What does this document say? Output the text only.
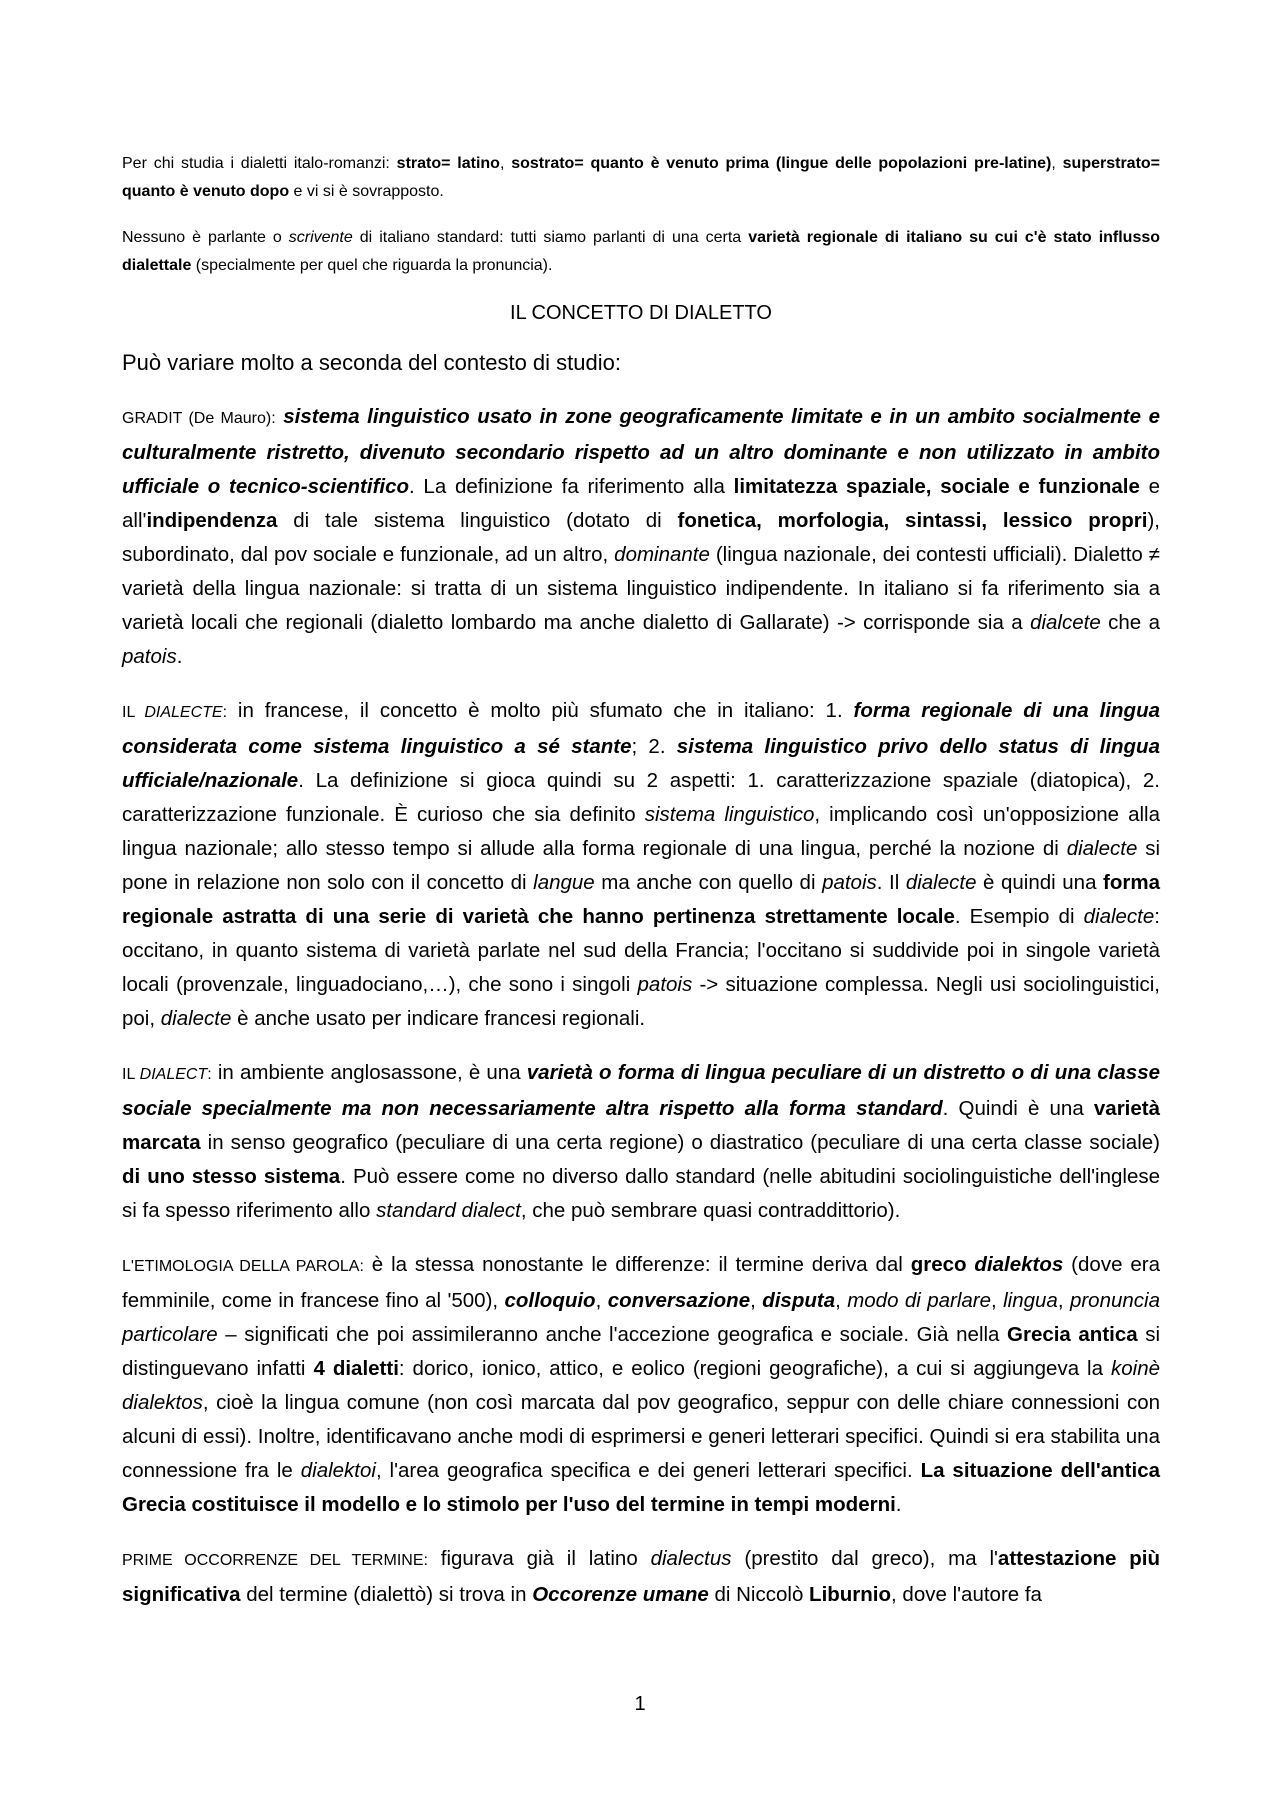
Per chi studia i dialetti italo-romanzi: strato= latino, sostrato= quanto è venuto prima (lingue delle popolazioni pre-latine), superstrato= quanto è venuto dopo e vi si è sovrapposto.

Nessuno è parlante o scrivente di italiano standard: tutti siamo parlanti di una certa varietà regionale di italiano su cui c'è stato influsso dialettale (specialmente per quel che riguarda la pronuncia).

IL CONCETTO DI DIALETTO

Può variare molto a seconda del contesto di studio:

GRADIT (De Mauro): sistema linguistico usato in zone geograficamente limitate e in un ambito socialmente e culturalmente ristretto, divenuto secondario rispetto ad un altro dominante e non utilizzato in ambito ufficiale o tecnico-scientifico. La definizione fa riferimento alla limitatezza spaziale, sociale e funzionale e all'indipendenza di tale sistema linguistico (dotato di fonetica, morfologia, sintassi, lessico propri), subordinato, dal pov sociale e funzionale, ad un altro, dominante (lingua nazionale, dei contesti ufficiali). Dialetto ≠ varietà della lingua nazionale: si tratta di un sistema linguistico indipendente. In italiano si fa riferimento sia a varietà locali che regionali (dialetto lombardo ma anche dialetto di Gallarate) -> corrisponde sia a dialcete che a patois.

IL DIALECTE: in francese, il concetto è molto più sfumato che in italiano: 1. forma regionale di una lingua considerata come sistema linguistico a sé stante; 2. sistema linguistico privo dello status di lingua ufficiale/nazionale. La definizione si gioca quindi su 2 aspetti: 1. caratterizzazione spaziale (diatopica), 2. caratterizzazione funzionale. È curioso che sia definito sistema linguistico, implicando così un'opposizione alla lingua nazionale; allo stesso tempo si allude alla forma regionale di una lingua, perché la nozione di dialecte si pone in relazione non solo con il concetto di langue ma anche con quello di patois. Il dialecte è quindi una forma regionale astratta di una serie di varietà che hanno pertinenza strettamente locale. Esempio di dialecte: occitano, in quanto sistema di varietà parlate nel sud della Francia; l'occitano si suddivide poi in singole varietà locali (provenzale, linguadociano,…), che sono i singoli patois -> situazione complessa. Negli usi sociolinguistici, poi, dialecte è anche usato per indicare francesi regionali.

IL DIALECT: in ambiente anglosassone, è una varietà o forma di lingua peculiare di un distretto o di una classe sociale specialmente ma non necessariamente altra rispetto alla forma standard. Quindi è una varietà marcata in senso geografico (peculiare di una certa regione) o diastratico (peculiare di una certa classe sociale) di uno stesso sistema. Può essere come no diverso dallo standard (nelle abitudini sociolinguistiche dell'inglese si fa spesso riferimento allo standard dialect, che può sembrare quasi contraddittorio).

L'ETIMOLOGIA DELLA PAROLA: è la stessa nonostante le differenze: il termine deriva dal greco dialektos (dove era femminile, come in francese fino al '500), colloquio, conversazione, disputa, modo di parlare, lingua, pronuncia particolare – significati che poi assimileranno anche l'accezione geografica e sociale. Già nella Grecia antica si distinguevano infatti 4 dialetti: dorico, ionico, attico, e eolico (regioni geografiche), a cui si aggiungeva la koinè dialektos, cioè la lingua comune (non così marcata dal pov geografico, seppur con delle chiare connessioni con alcuni di essi). Inoltre, identificavano anche modi di esprimersi e generi letterari specifici. Quindi si era stabilita una connessione fra le dialektoi, l'area geografica specifica e dei generi letterari specifici. La situazione dell'antica Grecia costituisce il modello e lo stimolo per l'uso del termine in tempi moderni.

PRIME OCCORRENZE DEL TERMINE: figurava già il latino dialectus (prestito dal greco), ma l'attestazione più significativa del termine (dialettò) si trova in Occorenze umane di Niccolò Liburnio, dove l'autore fa

1
